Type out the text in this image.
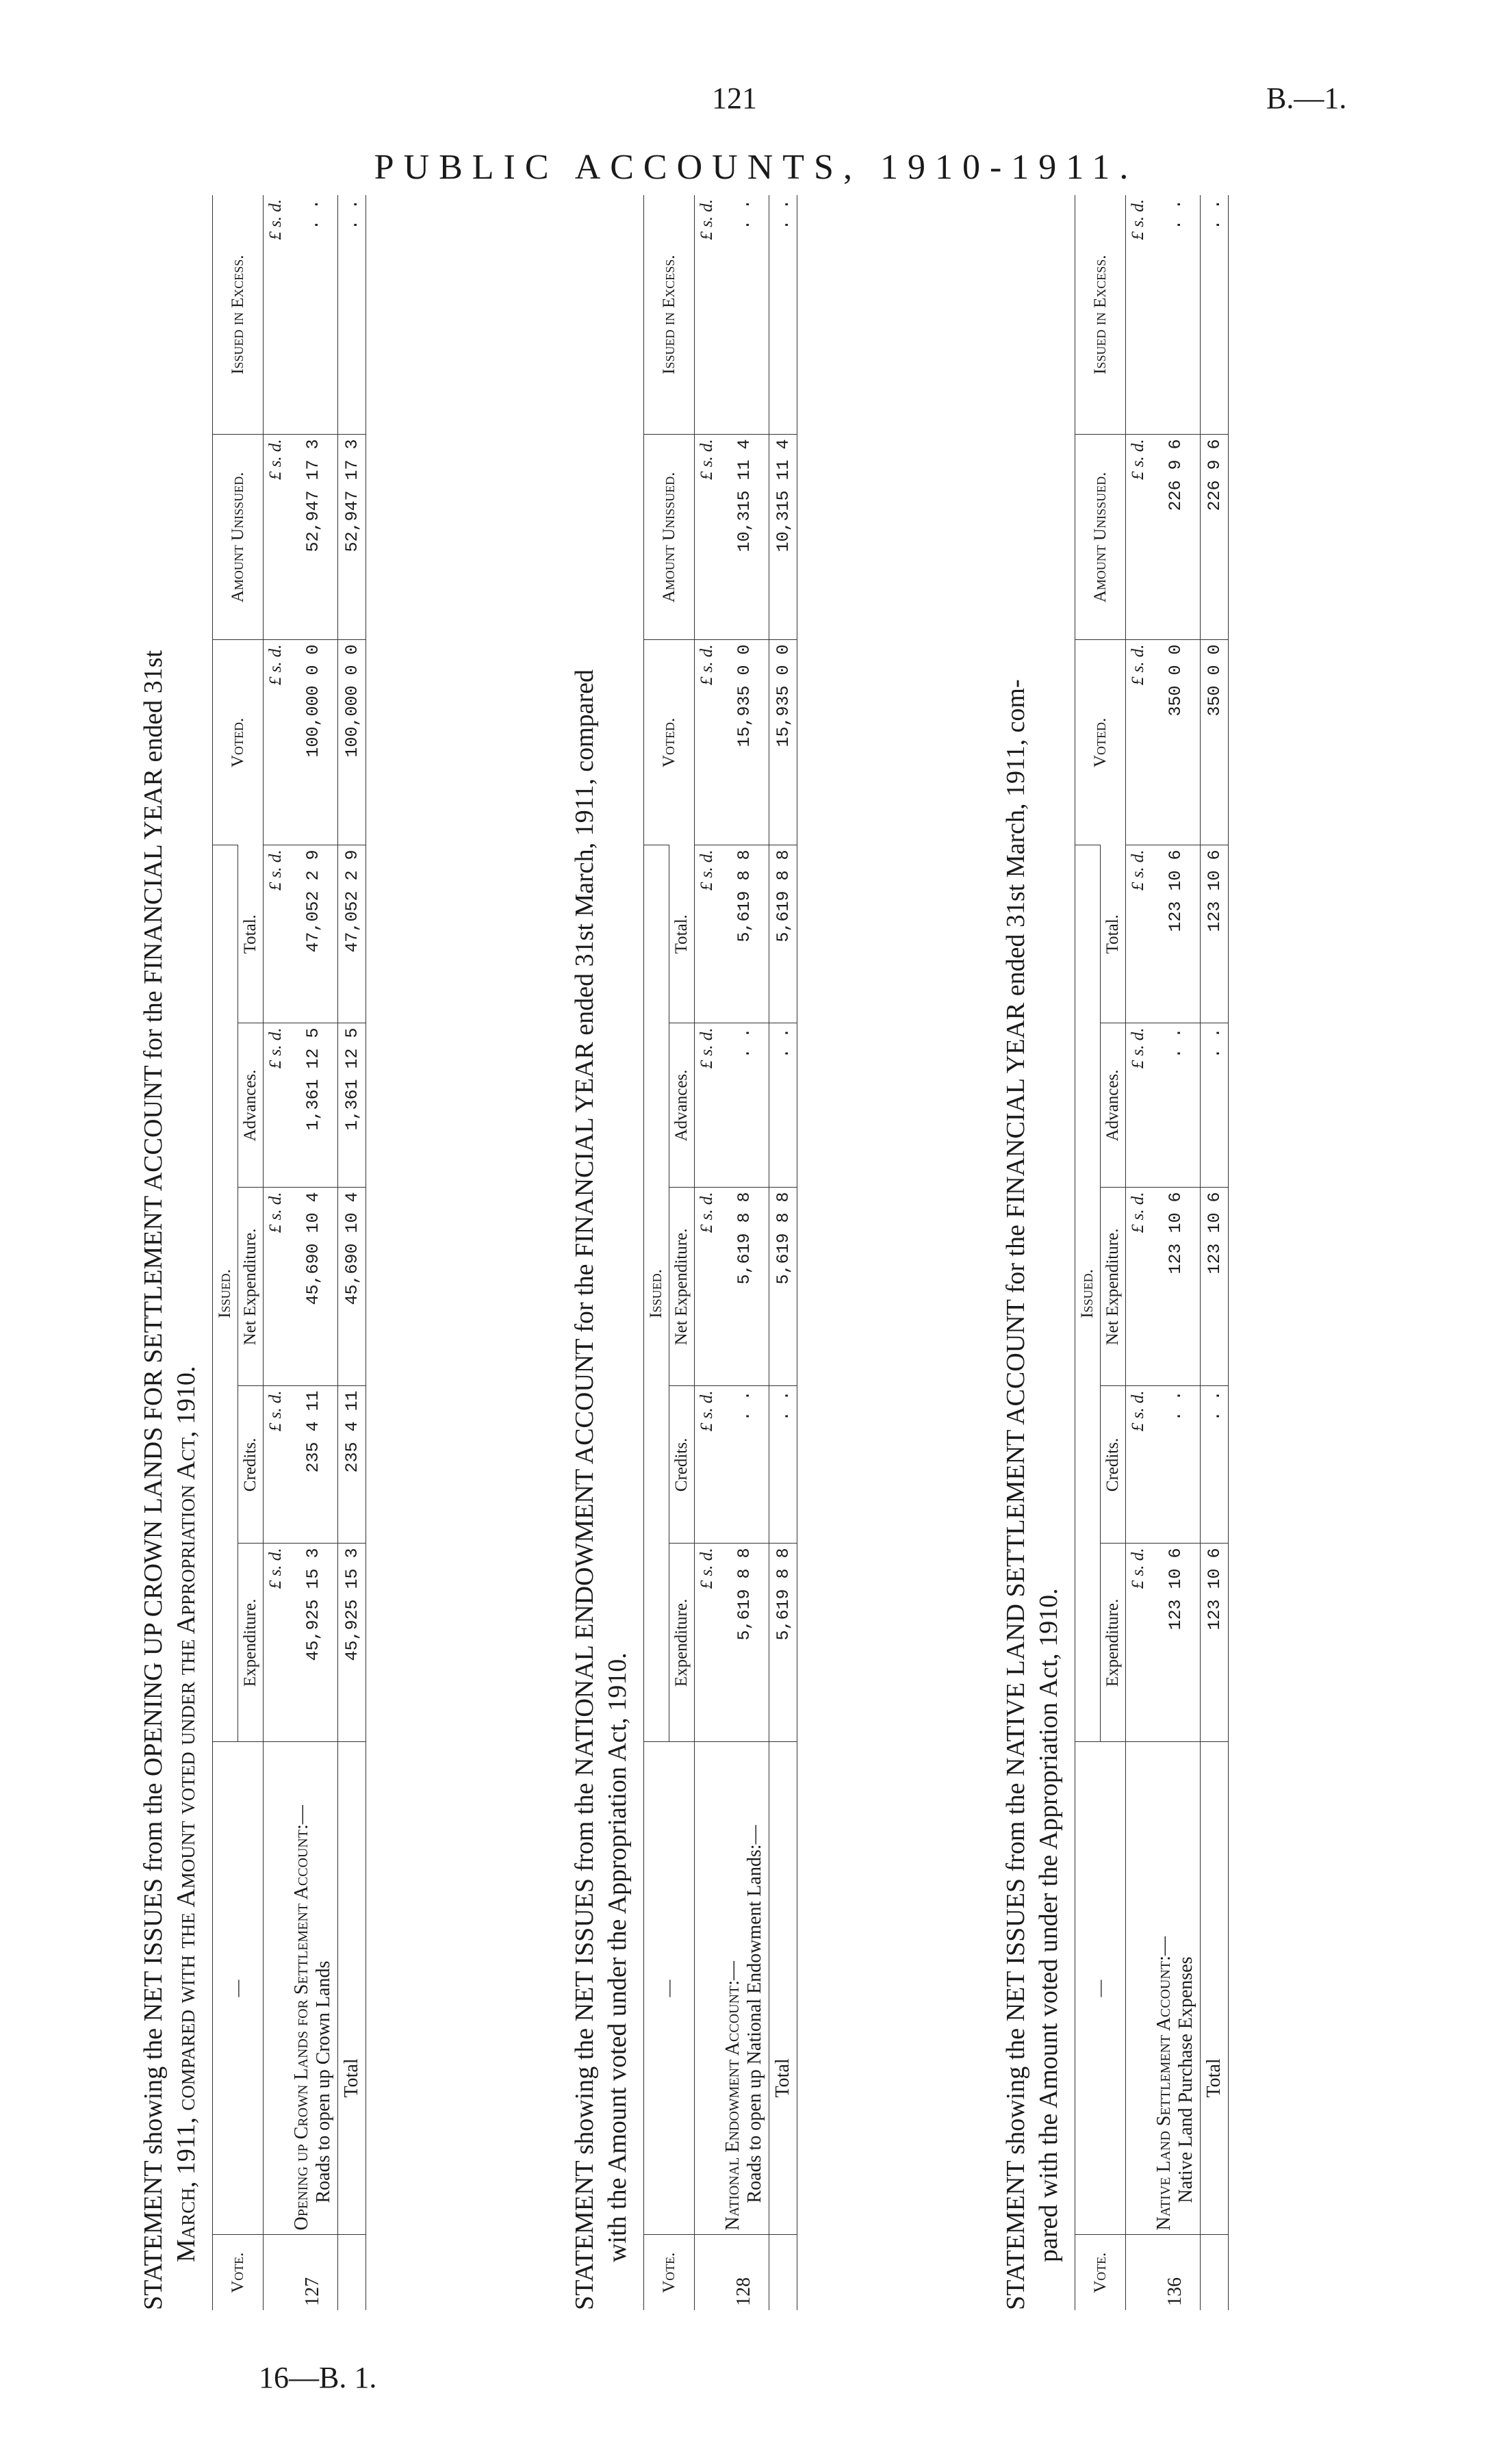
121	B.—1.
PUBLIC ACCOUNTS, 1910-1911.
STATEMENT showing the NET ISSUES from the OPENING UP CROWN LANDS FOR SETTLEMENT ACCOUNT for the FINANCIAL YEAR ended 31st March, 1911, compared with the Amount voted under the Appropriation Act, 1910.
Vote.	—	Issued.					Voted.	Amount Unissued.	Issued in Excess.
		Expenditure.	Credits.	Net Expenditure.	Advances.	Total.			
		£ s. d.	£ s. d.	£ s. d.	£ s. d.	£ s. d.	£ s. d.	£ s. d.	£ s. d.
127	Opening up Crown Lands for Settlement Account:— Roads to open up Crown Lands	45,925 15 3	235 4 11	45,690 10 4	1,361 12 5	47,052 2 9	100,000 0 0	52,947 17 3	. .
	Total	45,925 15 3	235 4 11	45,690 10 4	1,361 12 5	47,052 2 9	100,000 0 0	52,947 17 3	. .
STATEMENT showing the NET ISSUES from the NATIONAL ENDOWMENT ACCOUNT for the FINANCIAL YEAR ended 31st March, 1911, compared with the Amount voted under the Appropriation Act, 1910.
Vote.	—	Issued.					Voted.	Amount Unissued.	Issued in Excess.
		Expenditure.	Credits.	Net Expenditure.	Advances.	Total.			
		£ s. d.	£ s. d.	£ s. d.	£ s. d.	£ s. d.	£ s. d.	£ s. d.	£ s. d.
128	National Endowment Account:— Roads to open up National Endowment Lands:—	5,619 8 8	. .	5,619 8 8	. .	5,619 8 8	15,935 0 0	10,315 11 4	. .
	Total	5,619 8 8	. .	5,619 8 8	. .	5,619 8 8	15,935 0 0	10,315 11 4	. .
STATEMENT showing the NET ISSUES from the NATIVE LAND SETTLEMENT ACCOUNT for the FINANCIAL YEAR ended 31st March, 1911, com- pared with the Amount voted under the Appropriation Act, 1910.
Vote.	—	Issued.					Voted.	Amount Unissued.	Issued in Excess.
		Expenditure.	Credits.	Net Expenditure.	Advances.	Total.			
		£ s. d.	£ s. d.	£ s. d.	£ s. d.	£ s. d.	£ s. d.	£ s. d.	£ s. d.
136	Native Land Settlement Account:— Native Land Purchase Expenses	123 10 6	. .	123 10 6	. .	123 10 6	350 0 0	226 9 6	. .
	Total	123 10 6	. .	123 10 6	. .	123 10 6	350 0 0	226 9 6	. .
16—B. 1.
